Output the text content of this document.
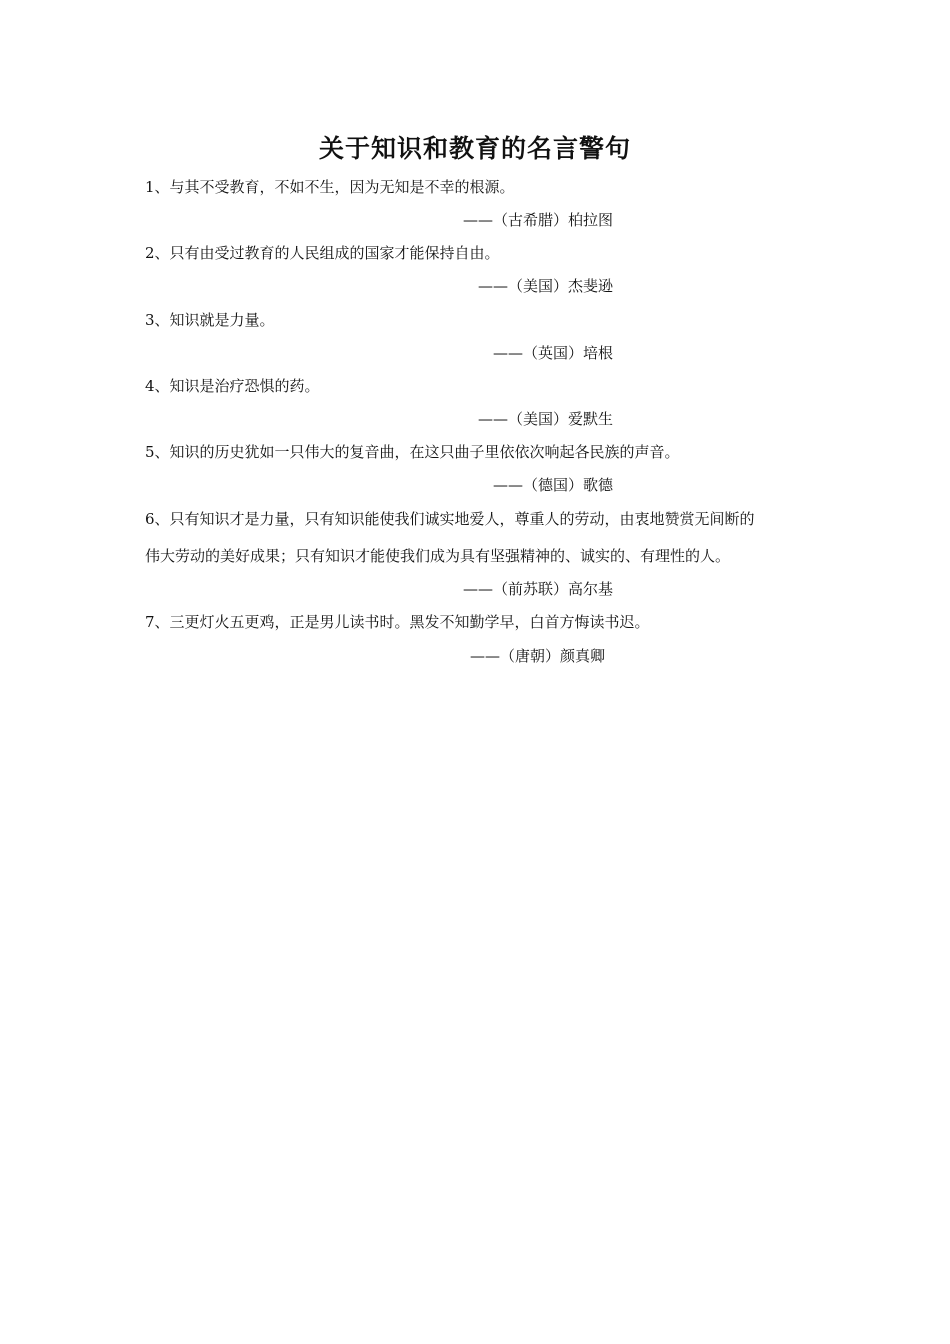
关于知识和教育的名言警句
1、与其不受教育，不如不生，因为无知是不幸的根源。
——（古希腊）柏拉图
2、只有由受过教育的人民组成的国家才能保持自由。
——（美国）杰斐逊
3、知识就是力量。
——（英国）培根
4、知识是治疗恐惧的药。
——（美国）爱默生
5、知识的历史犹如一只伟大的复音曲，在这只曲子里依依次响起各民族的声音。
——（德国）歌德
6、只有知识才是力量，只有知识能使我们诚实地爱人，尊重人的劳动，由衷地赞赏无间断的
伟大劳动的美好成果；只有知识才能使我们成为具有坚强精神的、诚实的、有理性的人。
——（前苏联）高尔基
7、三更灯火五更鸡，正是男儿读书时。黑发不知勤学早，白首方悔读书迟。
——（唐朝）颜真卿
